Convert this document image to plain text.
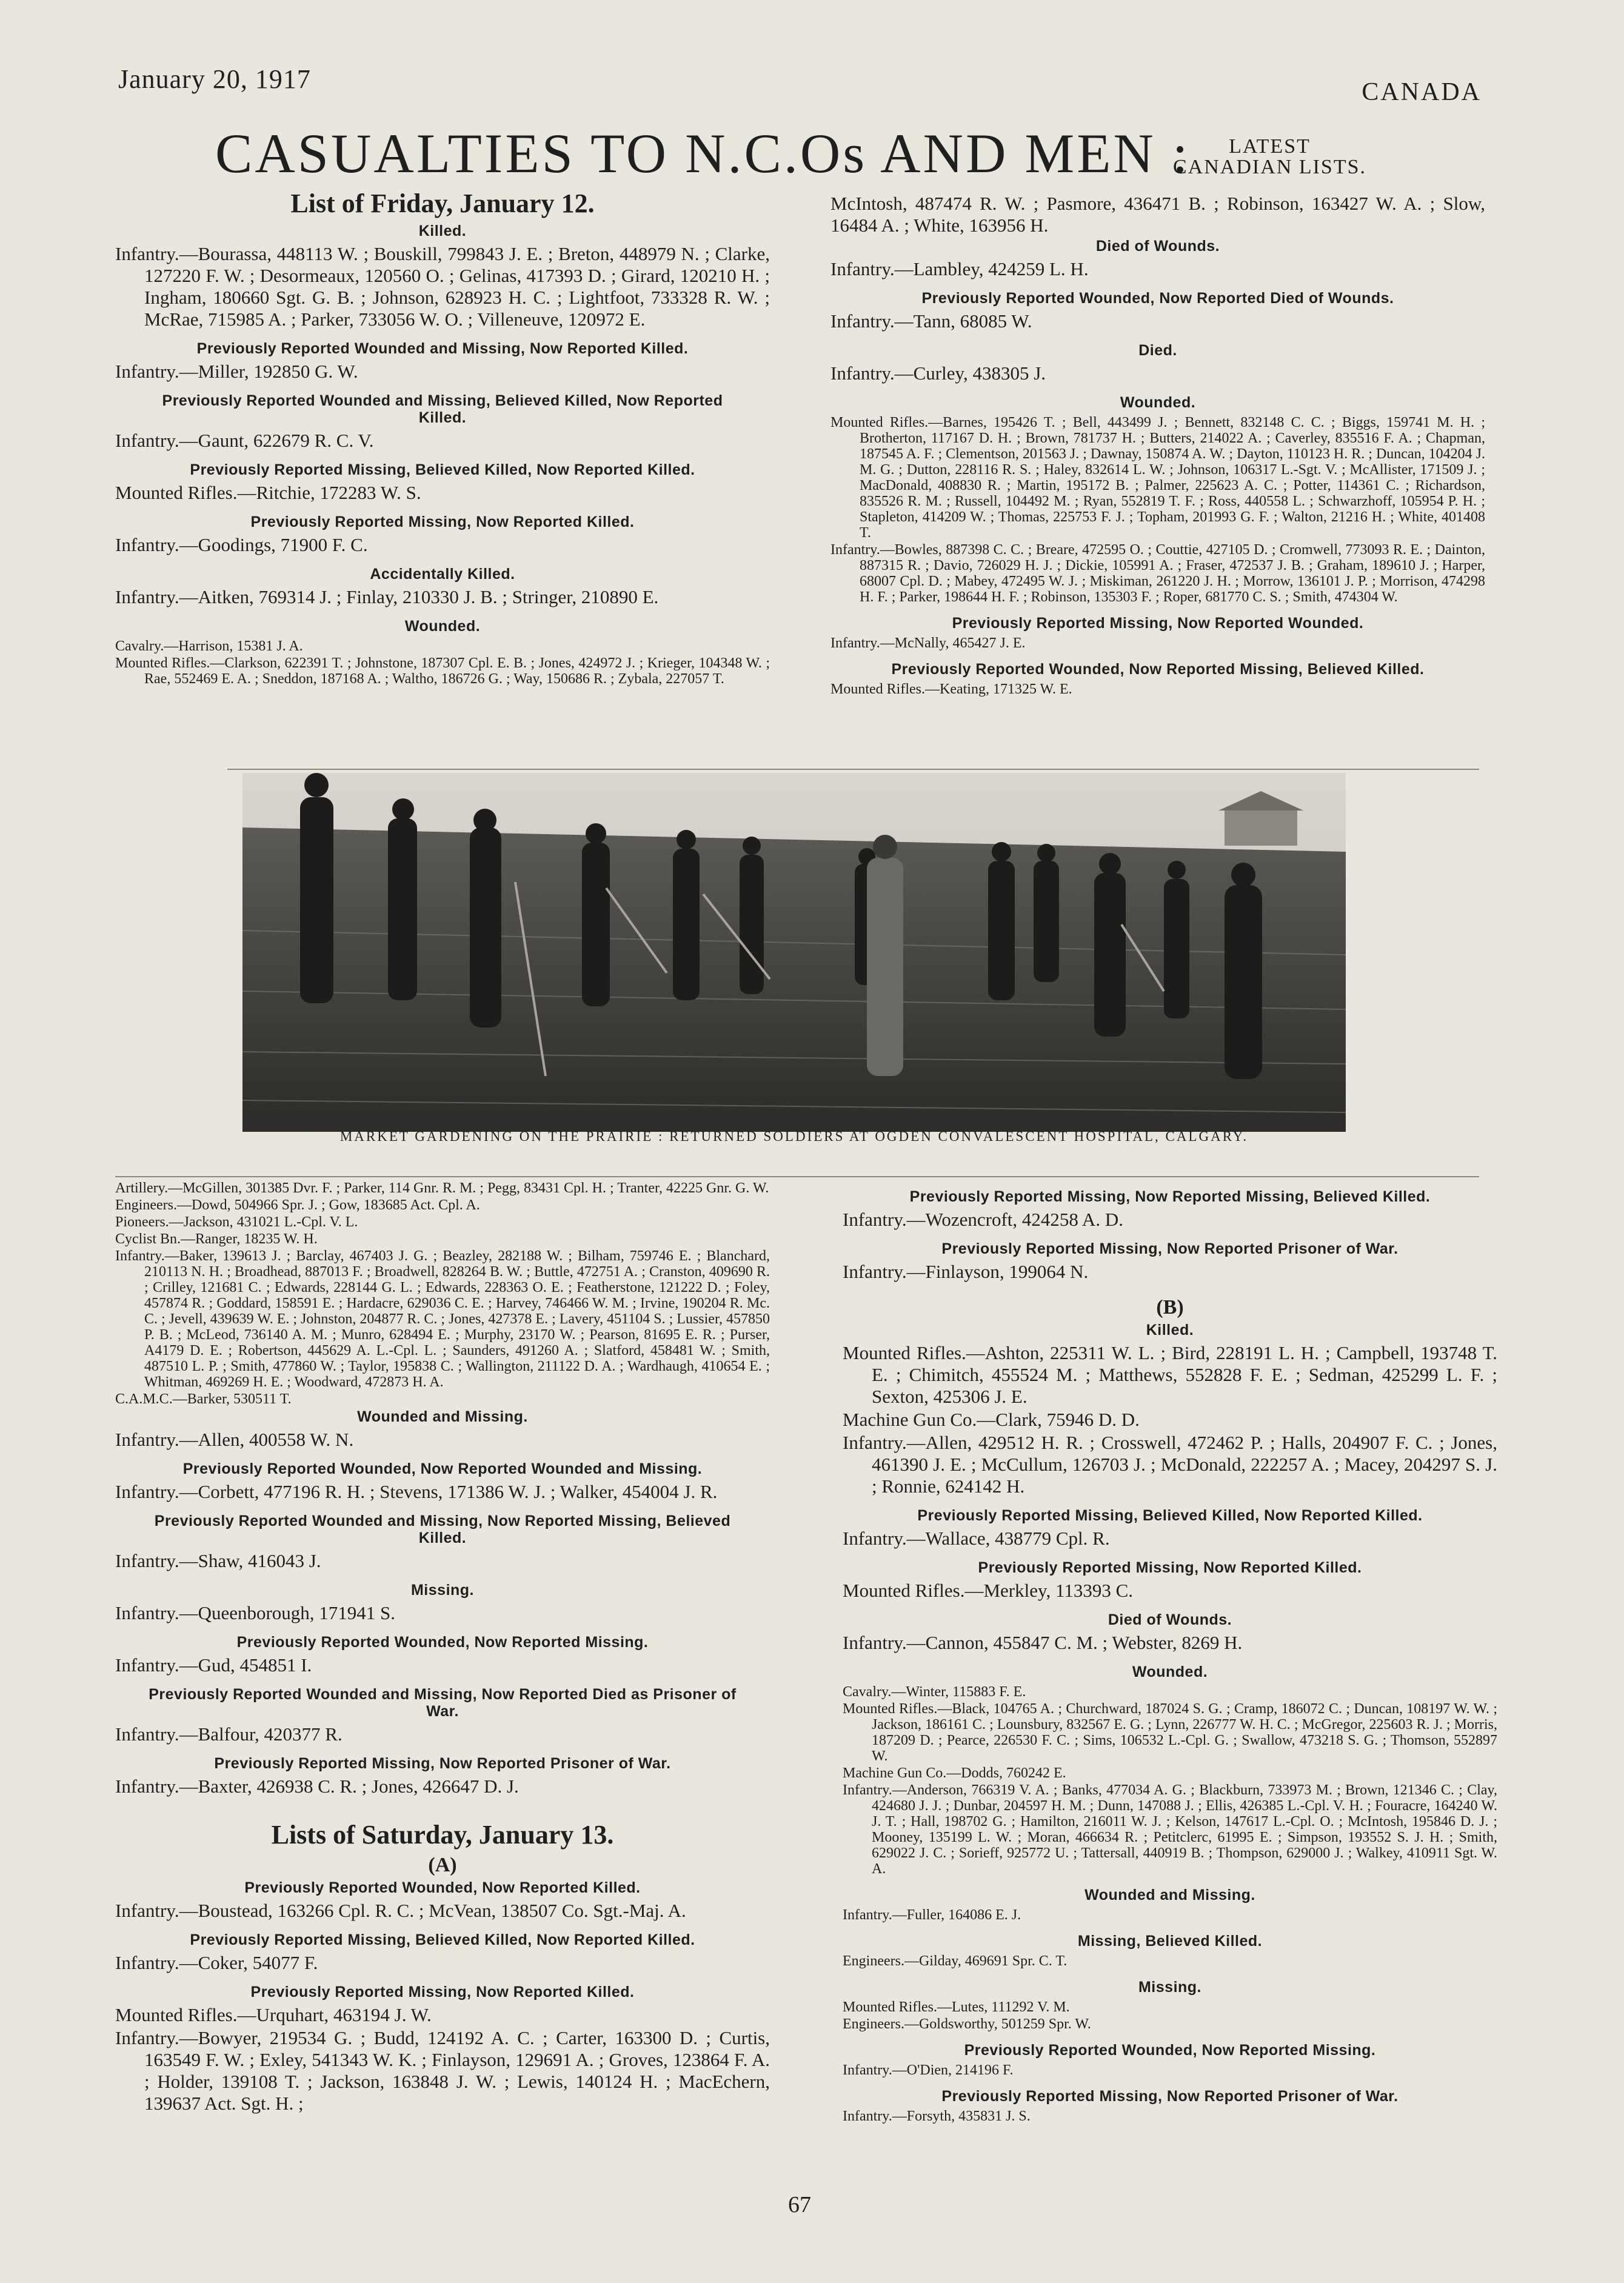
January 20, 1917	CANADA
CASUALTIES TO N.C.Os AND MEN :	LATEST
CANADIAN LISTS.
List of Friday, January 12.
Killed.
Infantry.—Bourassa, 448113 W. ; Bouskill, 799843 J. E. ; Breton, 448979 N. ; Clarke, 127220 F. W. ; Desormeaux, 120560 O. ; Gelinas, 417393 D. ; Girard, 120210 H. ; Ingham, 180660 Sgt. G. B. ; Johnson, 628923 H. C. ; Lightfoot, 733328 R. W. ; McRae, 715985 A. ; Parker, 733056 W. O. ; Villeneuve, 120972 E.
Previously Reported Wounded and Missing, Now Reported Killed.
Infantry.—Miller, 192850 G. W.
Previously Reported Wounded and Missing, Believed Killed, Now Reported Killed.
Infantry.—Gaunt, 622679 R. C. V.
Previously Reported Missing, Believed Killed, Now Reported Killed.
Mounted Rifles.—Ritchie, 172283 W. S.
Previously Reported Missing, Now Reported Killed.
Infantry.—Goodings, 71900 F. C.
Accidentally Killed.
Infantry.—Aitken, 769314 J. ; Finlay, 210330 J. B. ; Stringer, 210890 E.
Wounded.
Cavalry.—Harrison, 15381 J. A.
Mounted Rifles.—Clarkson, 622391 T. ; Johnstone, 187307 Cpl. E. B. ; Jones, 424972 J. ; Krieger, 104348 W. ; Rae, 552469 E. A. ; Sneddon, 187168 A. ; Waltho, 186726 G. ; Way, 150686 R. ; Zybala, 227057 T.
McIntosh, 487474 R. W. ; Pasmore, 436471 B. ; Robinson, 163427 W. A. ; Slow, 16484 A. ; White, 163956 H.
Died of Wounds.
Infantry.—Lambley, 424259 L. H.
Previously Reported Wounded, Now Reported Died of Wounds.
Infantry.—Tann, 68085 W.
Died.
Infantry.—Curley, 438305 J.
Wounded.
Mounted Rifles.—Barnes, 195426 T. ; Bell, 443499 J. ; Bennett, 832148 C. C. ; Biggs, 159741 M. H. ; Brotherton, 117167 D. H. ; Brown, 781737 H. ; Butters, 214022 A. ; Caverley, 835516 F. A. ; Chapman, 187545 A. F. ; Clementson, 201563 J. ; Dawnay, 150874 A. W. ; Dayton, 110123 H. R. ; Duncan, 104204 J. M. G. ; Dutton, 228116 R. S. ; Haley, 832614 L. W. ; Johnson, 106317 L.-Sgt. V. ; McAllister, 171509 J. ; MacDonald, 408830 R. ; Martin, 195172 B. ; Palmer, 225623 A. C. ; Potter, 114361 C. ; Richardson, 835526 R. M. ; Russell, 104492 M. ; Ryan, 552819 T. F. ; Ross, 440558 L. ; Schwarzhoff, 105954 P. H. ; Stapleton, 414209 W. ; Thomas, 225753 F. J. ; Topham, 201993 G. F. ; Walton, 21216 H. ; White, 401408 T.
Infantry.—Bowles, 887398 C. C. ; Breare, 472595 O. ; Couttie, 427105 D. ; Cromwell, 773093 R. E. ; Dainton, 887315 R. ; Davio, 726029 H. J. ; Dickie, 105991 A. ; Fraser, 472537 J. B. ; Graham, 189610 J. ; Harper, 68007 Cpl. D. ; Mabey, 472495 W. J. ; Miskiman, 261220 J. H. ; Morrow, 136101 J. P. ; Morrison, 474298 H. F. ; Parker, 198644 H. F. ; Robinson, 135303 F. ; Roper, 681770 C. S. ; Smith, 474304 W.
Previously Reported Missing, Now Reported Wounded.
Infantry.—McNally, 465427 J. E.
Previously Reported Wounded, Now Reported Missing, Believed Killed.
Mounted Rifles.—Keating, 171325 W. E.
MARKET GARDENING ON THE PRAIRIE : RETURNED SOLDIERS AT OGDEN CONVALESCENT HOSPITAL, CALGARY.
Artillery.—McGillen, 301385 Dvr. F. ; Parker, 114 Gnr. R. M. ; Pegg, 83431 Cpl. H. ; Tranter, 42225 Gnr. G. W.
Engineers.—Dowd, 504966 Spr. J. ; Gow, 183685 Act. Cpl. A.
Pioneers.—Jackson, 431021 L.-Cpl. V. L.
Cyclist Bn.—Ranger, 18235 W. H.
Infantry.—Baker, 139613 J. ; Barclay, 467403 J. G. ; Beazley, 282188 W. ; Bilham, 759746 E. ; Blanchard, 210113 N. H. ; Broadhead, 887013 F. ; Broadwell, 828264 B. W. ; Buttle, 472751 A. ; Cranston, 409690 R. ; Crilley, 121681 C. ; Edwards, 228144 G. L. ; Edwards, 228363 O. E. ; Featherstone, 121222 D. ; Foley, 457874 R. ; Goddard, 158591 E. ; Hardacre, 629036 C. E. ; Harvey, 746466 W. M. ; Irvine, 190204 R. Mc. C. ; Jevell, 439639 W. E. ; Johnston, 204877 R. C. ; Jones, 427378 E. ; Lavery, 451104 S. ; Lussier, 457850 P. B. ; McLeod, 736140 A. M. ; Munro, 628494 E. ; Murphy, 23170 W. ; Pearson, 81695 E. R. ; Purser, A4179 D. E. ; Robertson, 445629 A. L.-Cpl. L. ; Saunders, 491260 A. ; Slatford, 458481 W. ; Smith, 487510 L. P. ; Smith, 477860 W. ; Taylor, 195838 C. ; Wallington, 211122 D. A. ; Wardhaugh, 410654 E. ; Whitman, 469269 H. E. ; Woodward, 472873 H. A.
C.A.M.C.—Barker, 530511 T.
Wounded and Missing.
Infantry.—Allen, 400558 W. N.
Previously Reported Wounded, Now Reported Wounded and Missing.
Infantry.—Corbett, 477196 R. H. ; Stevens, 171386 W. J. ; Walker, 454004 J. R.
Previously Reported Wounded and Missing, Now Reported Missing, Believed Killed.
Infantry.—Shaw, 416043 J.
Missing.
Infantry.—Queenborough, 171941 S.
Previously Reported Wounded, Now Reported Missing.
Infantry.—Gud, 454851 I.
Previously Reported Wounded and Missing, Now Reported Died as Prisoner of War.
Infantry.—Balfour, 420377 R.
Previously Reported Missing, Now Reported Prisoner of War.
Infantry.—Baxter, 426938 C. R. ; Jones, 426647 D. J.
Lists of Saturday, January 13.
(A)
Previously Reported Wounded, Now Reported Killed.
Infantry.—Boustead, 163266 Cpl. R. C. ; McVean, 138507 Co. Sgt.-Maj. A.
Previously Reported Missing, Believed Killed, Now Reported Killed.
Infantry.—Coker, 54077 F.
Previously Reported Missing, Now Reported Killed.
Mounted Rifles.—Urquhart, 463194 J. W.
Infantry.—Bowyer, 219534 G. ; Budd, 124192 A. C. ; Carter, 163300 D. ; Curtis, 163549 F. W. ; Exley, 541343 W. K. ; Finlayson, 129691 A. ; Groves, 123864 F. A. ; Holder, 139108 T. ; Jackson, 163848 J. W. ; Lewis, 140124 H. ; MacEchern, 139637 Act. Sgt. H. ;
Previously Reported Missing, Now Reported Missing, Believed Killed.
Infantry.—Wozencroft, 424258 A. D.
Previously Reported Missing, Now Reported Prisoner of War.
Infantry.—Finlayson, 199064 N.
(B)
Killed.
Mounted Rifles.—Ashton, 225311 W. L. ; Bird, 228191 L. H. ; Campbell, 193748 T. E. ; Chimitch, 455524 M. ; Matthews, 552828 F. E. ; Sedman, 425299 L. F. ; Sexton, 425306 J. E.
Machine Gun Co.—Clark, 75946 D. D.
Infantry.—Allen, 429512 H. R. ; Crosswell, 472462 P. ; Halls, 204907 F. C. ; Jones, 461390 J. E. ; McCullum, 126703 J. ; McDonald, 222257 A. ; Macey, 204297 S. J. ; Ronnie, 624142 H.
Previously Reported Missing, Believed Killed, Now Reported Killed.
Infantry.—Wallace, 438779 Cpl. R.
Previously Reported Missing, Now Reported Killed.
Mounted Rifles.—Merkley, 113393 C.
Died of Wounds.
Infantry.—Cannon, 455847 C. M. ; Webster, 8269 H.
Wounded.
Cavalry.—Winter, 115883 F. E.
Mounted Rifles.—Black, 104765 A. ; Churchward, 187024 S. G. ; Cramp, 186072 C. ; Duncan, 108197 W. W. ; Jackson, 186161 C. ; Lounsbury, 832567 E. G. ; Lynn, 226777 W. H. C. ; McGregor, 225603 R. J. ; Morris, 187209 D. ; Pearce, 226530 F. C. ; Sims, 106532 L.-Cpl. G. ; Swallow, 473218 S. G. ; Thomson, 552897 W.
Machine Gun Co.—Dodds, 760242 E.
Infantry.—Anderson, 766319 V. A. ; Banks, 477034 A. G. ; Blackburn, 733973 M. ; Brown, 121346 C. ; Clay, 424680 J. J. ; Dunbar, 204597 H. M. ; Dunn, 147088 J. ; Ellis, 426385 L.-Cpl. V. H. ; Fouracre, 164240 W. J. T. ; Hall, 198702 G. ; Hamilton, 216011 W. J. ; Kelson, 147617 L.-Cpl. O. ; McIntosh, 195846 D. J. ; Mooney, 135199 L. W. ; Moran, 466634 R. ; Petitclerc, 61995 E. ; Simpson, 193552 S. J. H. ; Smith, 629022 J. C. ; Sorieff, 925772 U. ; Tattersall, 440919 B. ; Thompson, 629000 J. ; Walkey, 410911 Sgt. W. A.
Wounded and Missing.
Infantry.—Fuller, 164086 E. J.
Missing, Believed Killed.
Engineers.—Gilday, 469691 Spr. C. T.
Missing.
Mounted Rifles.—Lutes, 111292 V. M.
Engineers.—Goldsworthy, 501259 Spr. W.
Previously Reported Wounded, Now Reported Missing.
Infantry.—O'Dien, 214196 F.
Previously Reported Missing, Now Reported Prisoner of War.
Infantry.—Forsyth, 435831 J. S.
67
